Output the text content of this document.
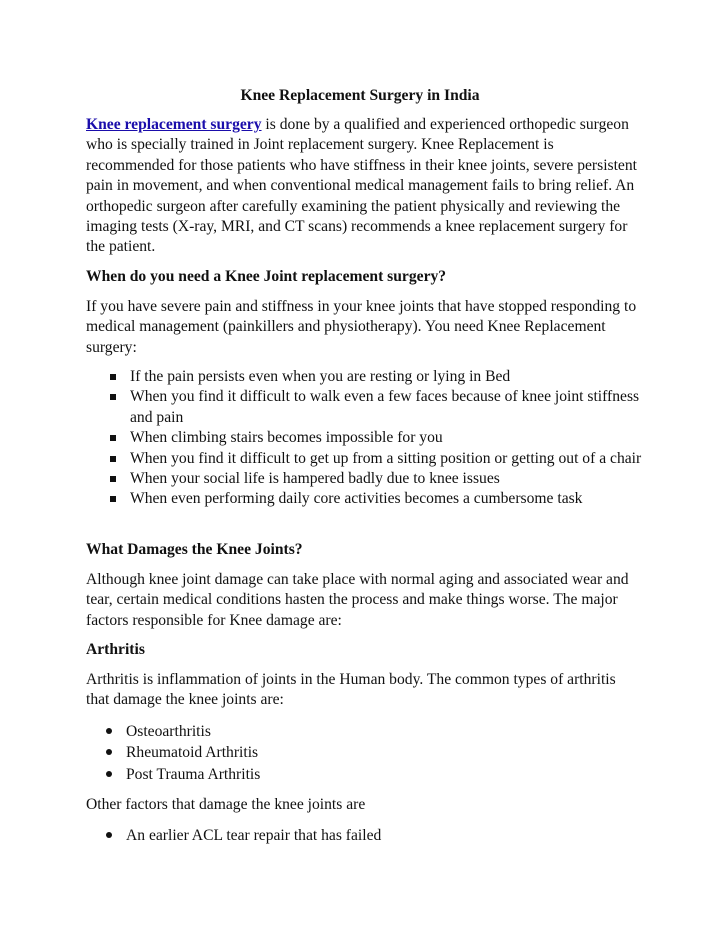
Knee Replacement Surgery in India

Knee replacement surgery is done by a qualified and experienced orthopedic surgeon who is specially trained in Joint replacement surgery. Knee Replacement is recommended for those patients who have stiffness in their knee joints, severe persistent pain in movement, and when conventional medical management fails to bring relief. An orthopedic surgeon after carefully examining the patient physically and reviewing the imaging tests (X-ray, MRI, and CT scans) recommends a knee replacement surgery for the patient.

When do you need a Knee Joint replacement surgery?

If you have severe pain and stiffness in your knee joints that have stopped responding to medical management (painkillers and physiotherapy). You need Knee Replacement surgery:

If the pain persists even when you are resting or lying in Bed
When you find it difficult to walk even a few faces because of knee joint stiffness and pain
When climbing stairs becomes impossible for you
When you find it difficult to get up from a sitting position or getting out of a chair
When your social life is hampered badly due to knee issues
When even performing daily core activities becomes a cumbersome task

What Damages the Knee Joints?

Although knee joint damage can take place with normal aging and associated wear and tear, certain medical conditions hasten the process and make things worse. The major factors responsible for Knee damage are:

Arthritis

Arthritis is inflammation of joints in the Human body. The common types of arthritis that damage the knee joints are:

Osteoarthritis
Rheumatoid Arthritis
Post Trauma Arthritis

Other factors that damage the knee joints are

An earlier ACL tear repair that has failed
